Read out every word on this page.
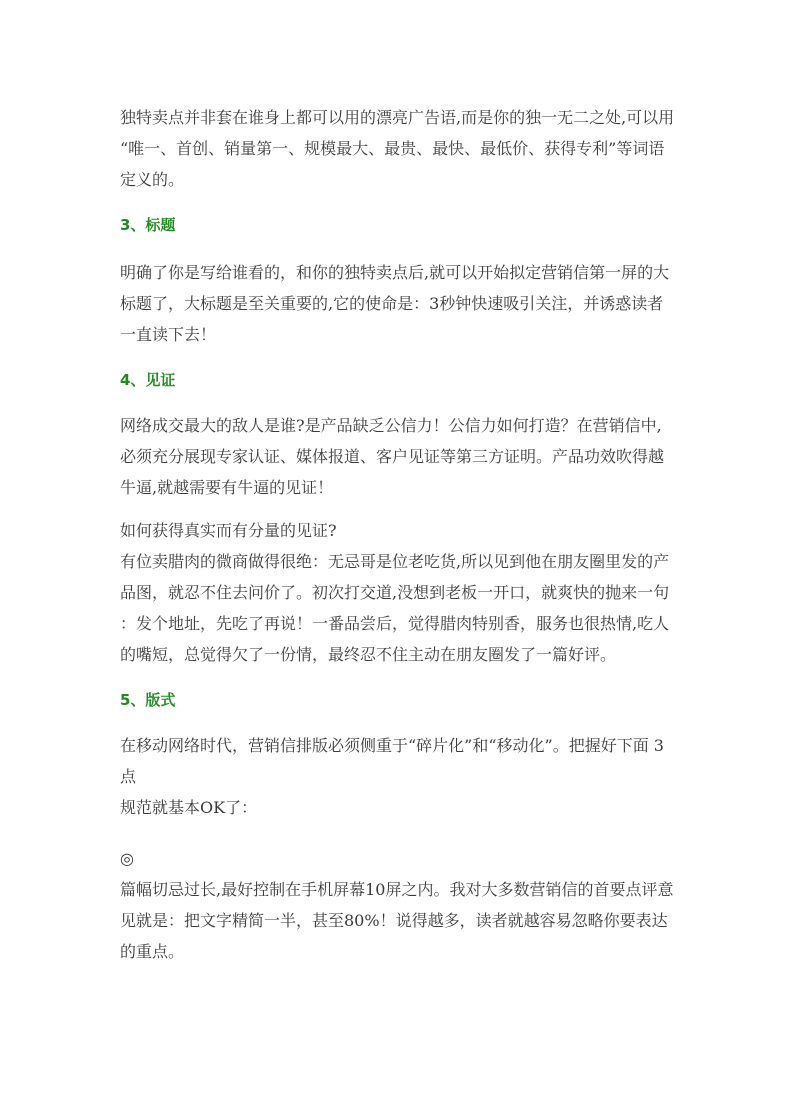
独特卖点并非套在谁身上都可以用的漂亮广告语,而是你的独一无二之处,可以用
“唯一、首创、销量第一、规模最大、最贵、最快、最低价、获得专利”等词语
定义的。

3、标题

明确了你是写给谁看的，和你的独特卖点后,就可以开始拟定营销信第一屏的大
标题了，大标题是至关重要的,它的使命是：3秒钟快速吸引关注，并诱惑读者
一直读下去！

4、见证

网络成交最大的敌人是谁?是产品缺乏公信力！公信力如何打造？在营销信中,
必须充分展现专家认证、媒体报道、客户见证等第三方证明。产品功效吹得越
牛逼,就越需要有牛逼的见证！

如何获得真实而有分量的见证?
有位卖腊肉的微商做得很绝：无忌哥是位老吃货,所以见到他在朋友圈里发的产
品图，就忍不住去问价了。初次打交道,没想到老板一开口，就爽快的抛来一句
：发个地址，先吃了再说！一番品尝后，觉得腊肉特别香，服务也很热情,吃人
的嘴短，总觉得欠了一份情，最终忍不住主动在朋友圈发了一篇好评。

5、版式

在移动网络时代，营销信排版必须侧重于“碎片化”和“移动化”。把握好下面 3 点
规范就基本OK了：

◎
篇幅切忌过长,最好控制在手机屏幕10屏之内。我对大多数营销信的首要点评意
见就是：把文字精简一半，甚至80%！说得越多，读者就越容易忽略你要表达
的重点。
